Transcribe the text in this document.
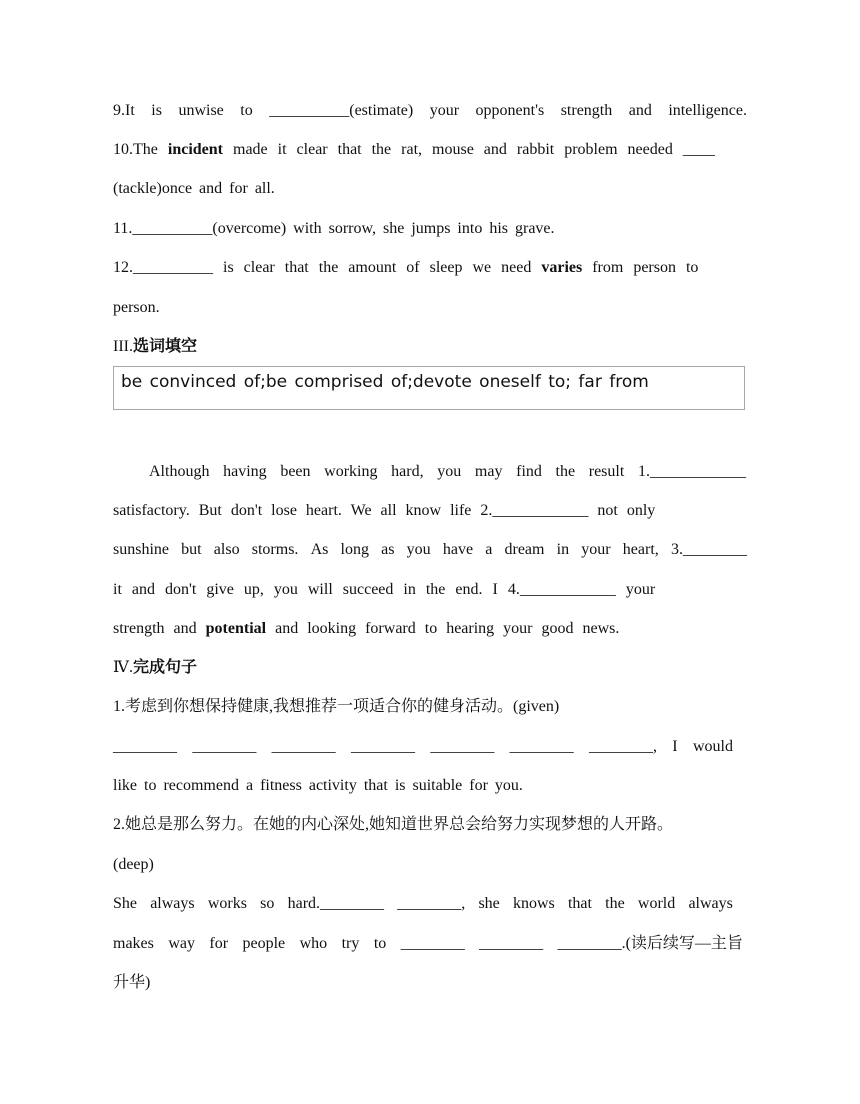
9.It is unwise to __________(estimate) your opponent's strength and intelligence.
10.The incident made it clear that the rat, mouse and rabbit problem needed ____
(tackle)once and for all.
11.__________(overcome) with sorrow, she jumps into his grave.
12.__________ is clear that the amount of sleep we need varies from person to
person.
III.选词填空
be convinced of;be comprised of;devote oneself to; far from
Although having been working hard, you may find the result 1.____________
satisfactory. But don't lose heart. We all know life 2.____________ not only
sunshine but also storms. As long as you have a dream in your heart, 3.________
it and don't give up, you will succeed in the end. I 4.____________ your
strength and potential and looking forward to hearing your good news.
Ⅳ.完成句子
1.考虑到你想保持健康,我想推荐一项适合你的健身活动。(given)
________ ________ ________ ________ ________ ________ ________, I would
like to recommend a fitness activity that is suitable for you.
2.她总是那么努力。在她的内心深处,她知道世界总会给努力实现梦想的人开路。
(deep)
She always works so hard.________ ________, she knows that the world always
makes way for people who try to ________ ________ ________.(读后续写—主旨
升华)
